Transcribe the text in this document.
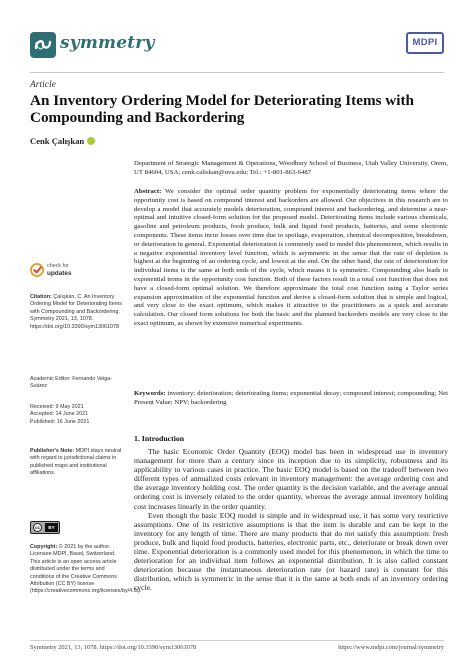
symmetry	MDPI
Article
An Inventory Ordering Model for Deteriorating Items with Compounding and Backordering
Cenk Çalışkan
Department of Strategic Management & Operations, Woodbury School of Business, Utah Valley University, Orem, UT 84604, USA; cenk.caliskan@uvu.edu; Tel.: +1-801-863-6487
Abstract: We consider the optimal order quantity problem for exponentially deteriorating items where the opportunity cost is based on compound interest and backorders are allowed. Our objectives in this research are to develop a model that accurately models deterioration, compound interest and backordering, and determine a near-optimal and intuitive closed-form solution for the proposed model. Deteriorating items include various chemicals, gasoline and petroleum products, fresh produce, bulk and liquid food products, batteries, and some electronic components. These items incur losses over time due to spoilage, evaporation, chemical decomposition, breakdown, or deterioration in general. Exponential deterioration is commonly used to model this phenomenon, which results in a negative exponential inventory level function, which is asymmetric in the sense that the rate of depletion is highest at the beginning of an ordering cycle, and lowest at the end. On the other hand, the rate of deterioration for individual items is the same at both ends of the cycle, which means it is symmetric. Compounding also leads to exponential terms in the opportunity cost function. Both of these factors result in a total cost function that does not have a closed-form optimal solution. We therefore approximate the total cost function using a Taylor series expansion approximation of the exponential function and derive a closed-form solution that is simple and logical, and very close to the exact optimum, which makes it attractive to the practitioners as a quick and accurate calculation. Our closed form solutions for both the basic and the planned backorders models are very close to the exact optimum, as shown by extensive numerical experiments.
Keywords: inventory; deterioration; deteriorating items; exponential decay; compound interest; compounding; Net Present Value; NPV; backordering
1. Introduction

The basic Economic Order Quantity (EOQ) model has been in widespread use in inventory management for more than a century since its inception due to its simplicity, robustness and its applicability to various cases in practice. The basic EOQ model is based on the tradeoff between two different types of annualized costs relevant in inventory management: the average ordering cost and the average inventory holding cost. The order quantity is the decision variable, and the average annual ordering cost is inversely related to the order quantity, whereas the average annual inventory holding cost increases linearly in the order quantity.

Even though the basic EOQ model is simple and in widespread use, it has some very restrictive assumptions. One of its restrictive assumptions is that the item is durable and can be kept in the inventory for any length of time. There are many products that do not satisfy this assumption: fresh produce, bulk and liquid food products, batteries, electronic parts, etc., deteriorate or break down over time. Exponential deterioration is a commonly used model for this phenomenon, in which the time to deterioration for an individual item follows an exponential distribution. It is also called constant deterioration because the instantaneous deterioration rate (or hazard rate) is constant for this distribution, which is symmetric in the sense that it is the same at both ends of an inventory ordering cycle.

check for
updates
Citation: Çalışkan, C. An Inventory Ordering Model for Deteriorating Items with Compounding and Backordering. Symmetry 2021, 13, 1078. https://doi.org/10.3390/sym13061078
Academic Editor: Fernando Veiga-Suárez
Received: 9 May 2021
Accepted: 14 June 2021
Published: 16 June 2021
Publisher's Note: MDPI stays neutral with regard to jurisdictional claims in published maps and institutional affiliations.
cc	BY
Copyright: © 2021 by the author. Licensee MDPI, Basel, Switzerland. This article is an open access article distributed under the terms and conditions of the Creative Commons Attribution (CC BY) license (https://creativecommons.org/licenses/by/4.0/).
Symmetry 2021, 13, 1078. https://doi.org/10.3390/sym13061078	https://www.mdpi.com/journal/symmetry
